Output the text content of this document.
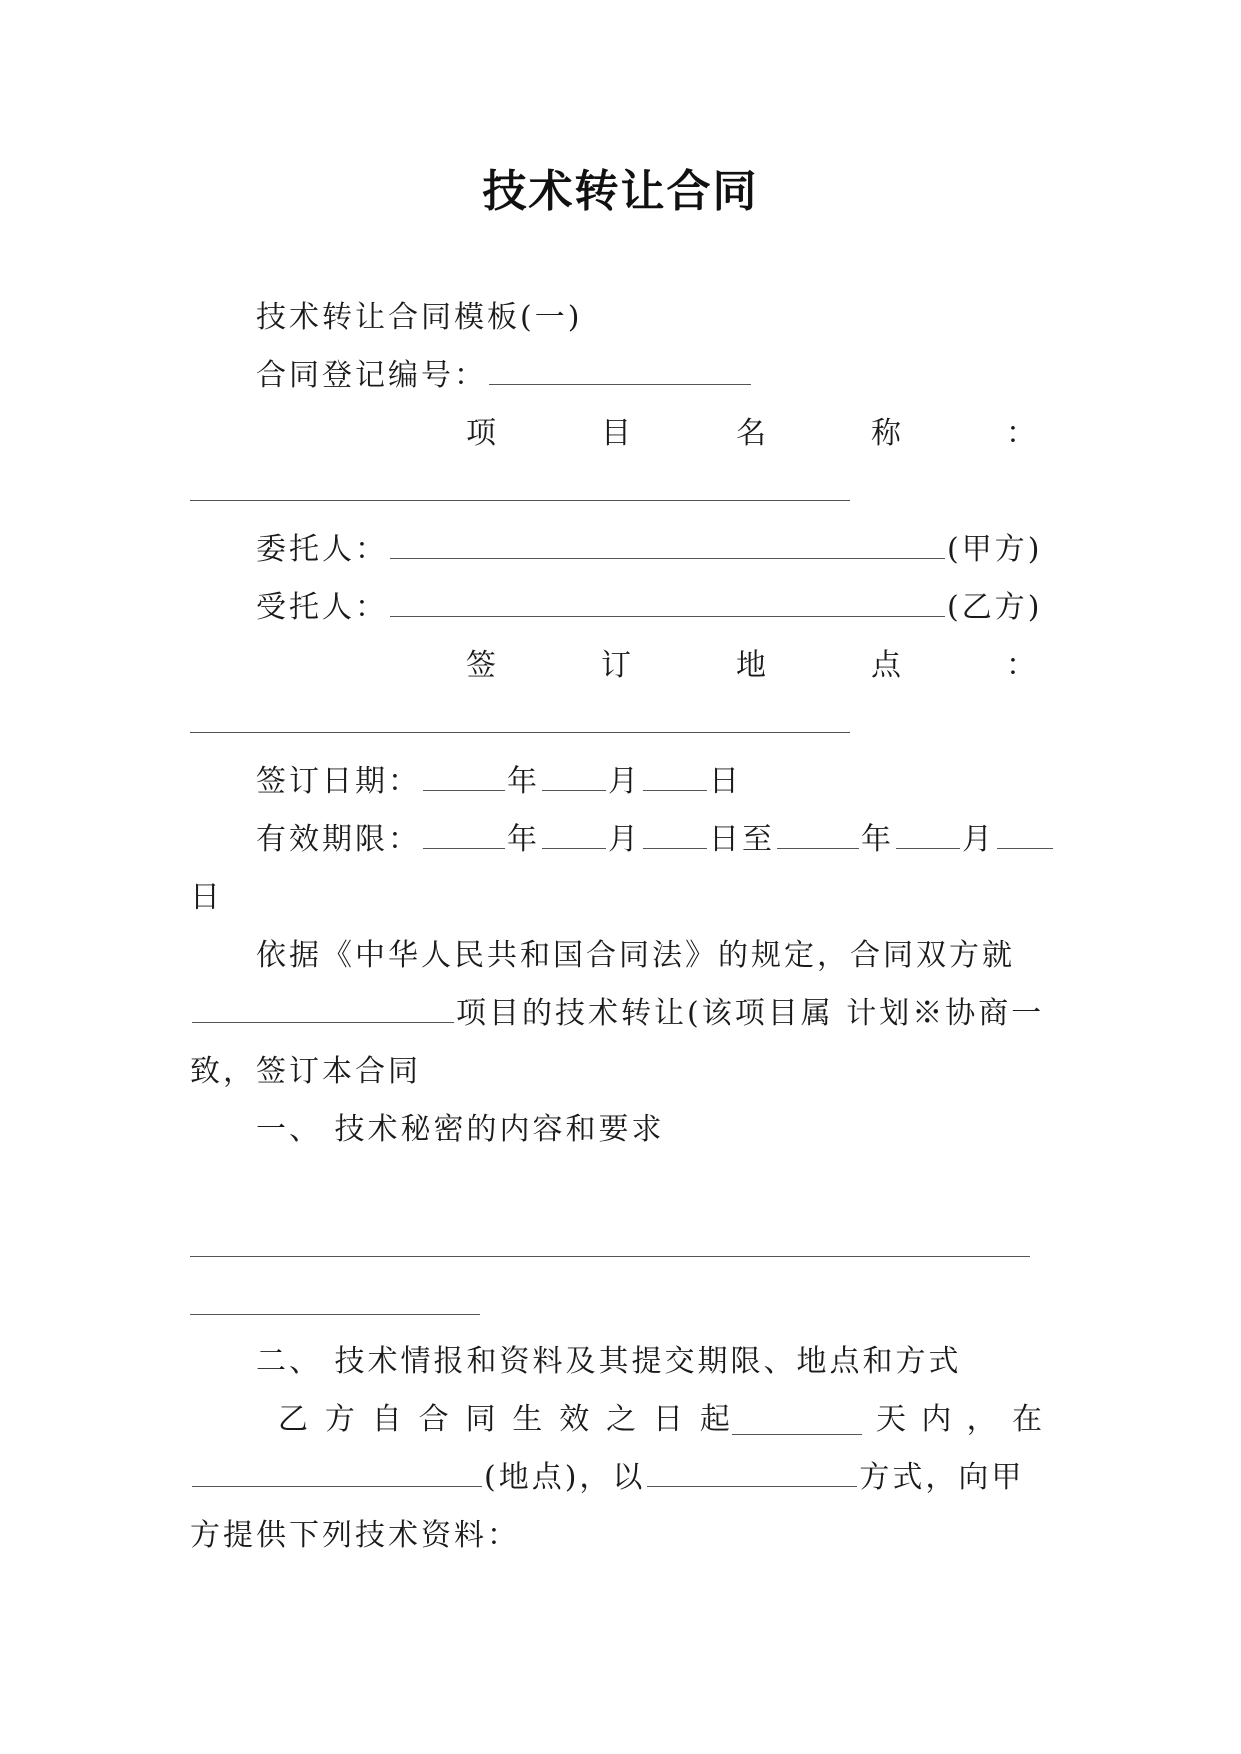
技术转让合同
技术转让合同模板(一)
合同登记编号：
项	目	名	称	：
委托人：	(甲方)
受托人：	(乙方)
签	订	地	点	：
签订日期：	年 月 日
有效期限：	年 月 日至	年 月
日
依据《中华人民共和国合同法》的规定，合同双方就
项目的技术转让(该项目属 计划※协商一
致，签订本合同
一、 技术秘密的内容和要求
二、 技术情报和资料及其提交期限、地点和方式
乙 方 自 合 同 生 效 之 日 起	天 内 ， 在
(地点)，以	方式，向甲
方提供下列技术资料：
